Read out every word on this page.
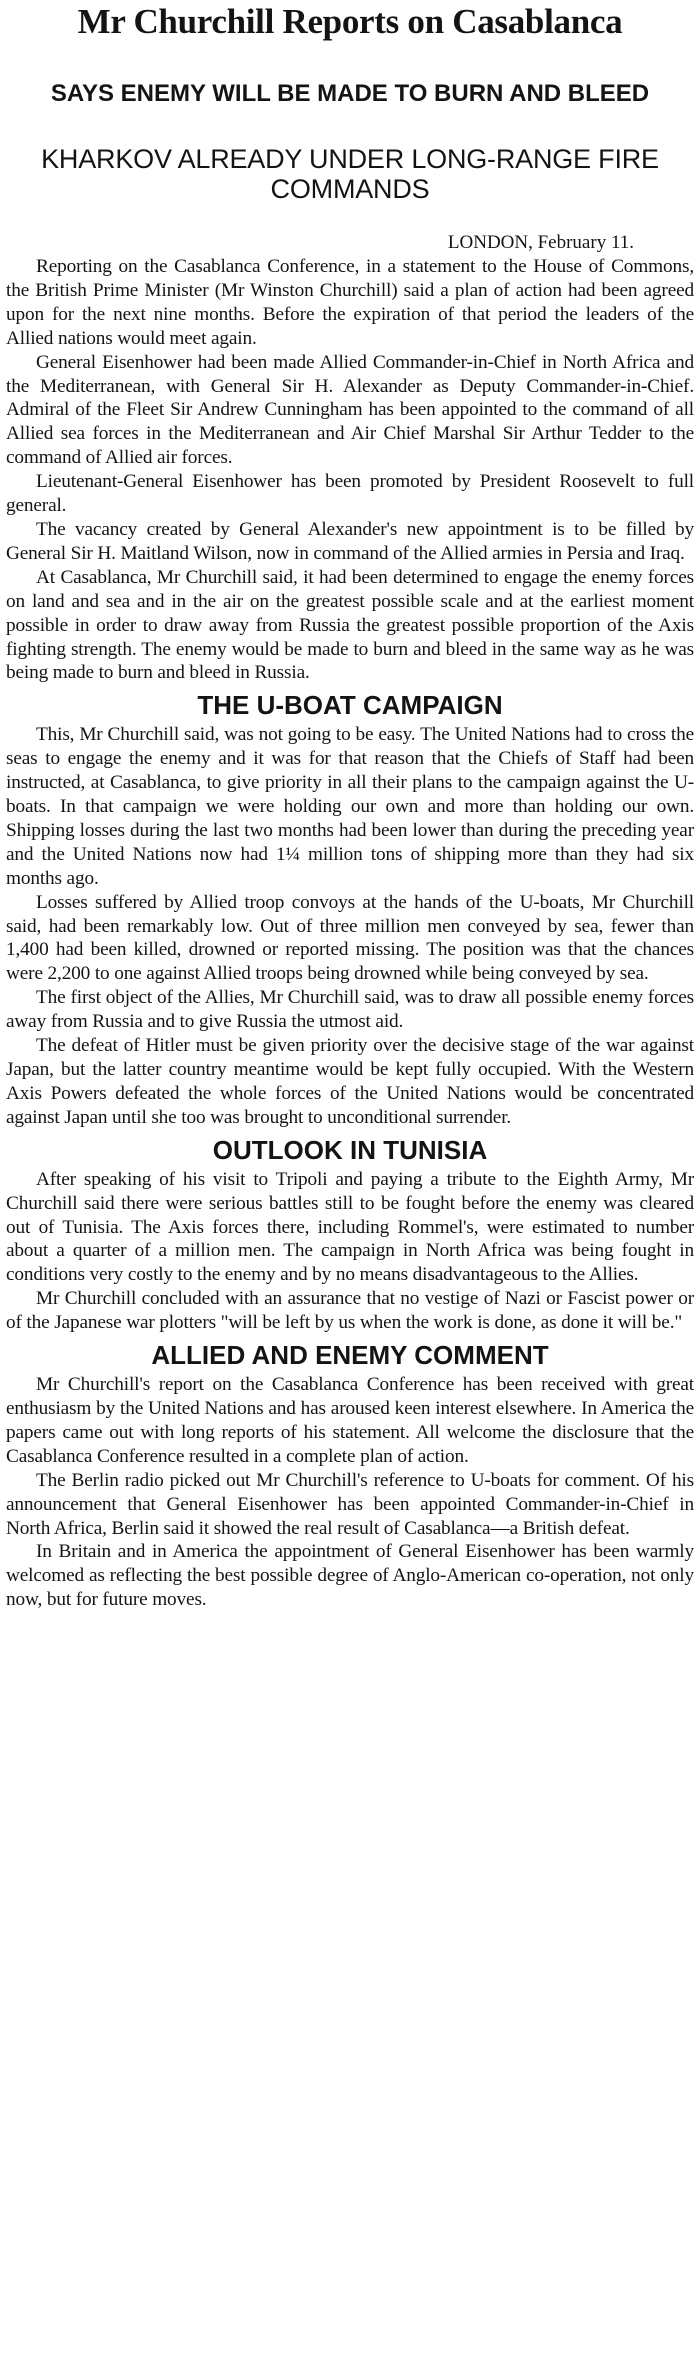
Mr Churchill Reports on Casablanca
SAYS ENEMY WILL BE MADE TO BURN AND BLEED
KHARKOV ALREADY UNDER LONG-RANGE FIRE COMMANDS
LONDON, February 11.

Reporting on the Casablanca Conference, in a statement to the House of Commons, the British Prime Minister (Mr Winston Churchill) said a plan of action had been agreed upon for the next nine months. Before the expiration of that period the leaders of the Allied nations would meet again.

General Eisenhower had been made Allied Commander-in-Chief in North Africa and the Mediterranean, with General Sir H. Alexander as Deputy Commander-in-Chief. Admiral of the Fleet Sir Andrew Cunningham has been appointed to the command of all Allied sea forces in the Mediterranean and Air Chief Marshal Sir Arthur Tedder to the command of Allied air forces.

Lieutenant-General Eisenhower has been promoted by President Roosevelt to full general.

The vacancy created by General Alexander's new appointment is to be filled by General Sir H. Maitland Wilson, now in command of the Allied armies in Persia and Iraq.

At Casablanca, Mr Churchill said, it had been determined to engage the enemy forces on land and sea and in the air on the greatest possible scale and at the earliest moment possible in order to draw away from Russia the greatest possible proportion of the Axis fighting strength. The enemy would be made to burn and bleed in the same way as he was being made to burn and bleed in Russia.

THE U-BOAT CAMPAIGN

This, Mr Churchill said, was not going to be easy. The United Nations had to cross the seas to engage the enemy and it was for that reason that the Chiefs of Staff had been instructed, at Casablanca, to give priority in all their plans to the campaign against the U-boats. In that campaign we were holding our own and more than holding our own. Shipping losses during the last two months had been lower than during the preceding year and the United Nations now had 1¼ million tons of shipping more than they had six months ago.

Losses suffered by Allied troop convoys at the hands of the U-boats, Mr Churchill said, had been remarkably low. Out of three million men conveyed by sea, fewer than 1,400 had been killed, drowned or reported missing. The position was that the chances were 2,200 to one against Allied troops being drowned while being conveyed by sea.

The first object of the Allies, Mr Churchill said, was to draw all possible enemy forces away from Russia and to give Russia the utmost aid.

The defeat of Hitler must be given priority over the decisive stage of the war against Japan, but the latter country meantime would be kept fully occupied. With the Western Axis Powers defeated the whole forces of the United Nations would be concentrated against Japan until she too was brought to unconditional surrender.

OUTLOOK IN TUNISIA

After speaking of his visit to Tripoli and paying a tribute to the Eighth Army, Mr Churchill said there were serious battles still to be fought before the enemy was cleared out of Tunisia. The Axis forces there, including Rommel's, were estimated to number about a quarter of a million men. The campaign in North Africa was being fought in conditions very costly to the enemy and by no means disadvantageous to the Allies.

Mr Churchill concluded with an assurance that no vestige of Nazi or Fascist power or of the Japanese war plotters "will be left by us when the work is done, as done it will be."

ALLIED AND ENEMY COMMENT

Mr Churchill's report on the Casablanca Conference has been received with great enthusiasm by the United Nations and has aroused keen interest elsewhere. In America the papers came out with long reports of his statement. All welcome the disclosure that the Casablanca Conference resulted in a complete plan of action.

The Berlin radio picked out Mr Churchill's reference to U-boats for comment. Of his announcement that General Eisenhower has been appointed Commander-in-Chief in North Africa, Berlin said it showed the real result of Casablanca—a British defeat.

In Britain and in America the appointment of General Eisenhower has been warmly welcomed as reflecting the best possible degree of Anglo-American co-operation, not only now, but for future moves.
